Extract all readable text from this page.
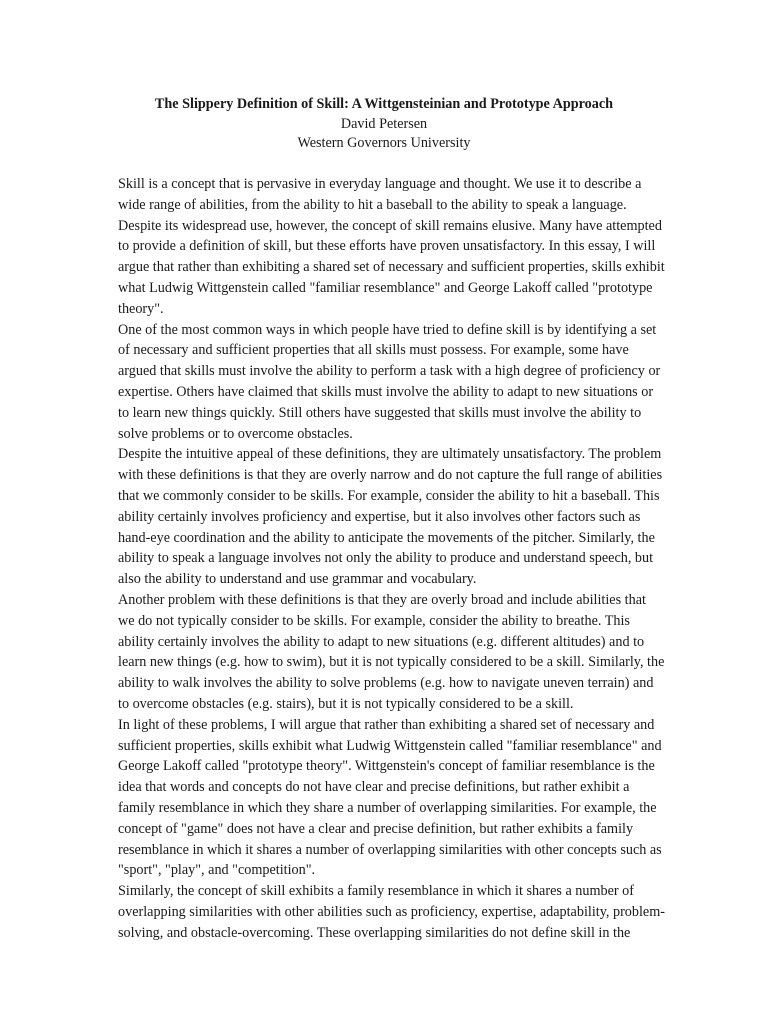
The Slippery Definition of Skill: A Wittgensteinian and Prototype Approach
David Petersen
Western Governors University

Skill is a concept that is pervasive in everyday language and thought. We use it to describe a wide range of abilities, from the ability to hit a baseball to the ability to speak a language. Despite its widespread use, however, the concept of skill remains elusive. Many have attempted to provide a definition of skill, but these efforts have proven unsatisfactory. In this essay, I will argue that rather than exhibiting a shared set of necessary and sufficient properties, skills exhibit what Ludwig Wittgenstein called "familiar resemblance" and George Lakoff called "prototype theory".

One of the most common ways in which people have tried to define skill is by identifying a set of necessary and sufficient properties that all skills must possess. For example, some have argued that skills must involve the ability to perform a task with a high degree of proficiency or expertise. Others have claimed that skills must involve the ability to adapt to new situations or to learn new things quickly. Still others have suggested that skills must involve the ability to solve problems or to overcome obstacles.

Despite the intuitive appeal of these definitions, they are ultimately unsatisfactory. The problem with these definitions is that they are overly narrow and do not capture the full range of abilities that we commonly consider to be skills. For example, consider the ability to hit a baseball. This ability certainly involves proficiency and expertise, but it also involves other factors such as hand-eye coordination and the ability to anticipate the movements of the pitcher. Similarly, the ability to speak a language involves not only the ability to produce and understand speech, but also the ability to understand and use grammar and vocabulary.

Another problem with these definitions is that they are overly broad and include abilities that we do not typically consider to be skills. For example, consider the ability to breathe. This ability certainly involves the ability to adapt to new situations (e.g. different altitudes) and to learn new things (e.g. how to swim), but it is not typically considered to be a skill. Similarly, the ability to walk involves the ability to solve problems (e.g. how to navigate uneven terrain) and to overcome obstacles (e.g. stairs), but it is not typically considered to be a skill.

In light of these problems, I will argue that rather than exhibiting a shared set of necessary and sufficient properties, skills exhibit what Ludwig Wittgenstein called "familiar resemblance" and George Lakoff called "prototype theory". Wittgenstein's concept of familiar resemblance is the idea that words and concepts do not have clear and precise definitions, but rather exhibit a family resemblance in which they share a number of overlapping similarities. For example, the concept of "game" does not have a clear and precise definition, but rather exhibits a family resemblance in which it shares a number of overlapping similarities with other concepts such as "sport", "play", and "competition".

Similarly, the concept of skill exhibits a family resemblance in which it shares a number of overlapping similarities with other abilities such as proficiency, expertise, adaptability, problem-solving, and obstacle-overcoming. These overlapping similarities do not define skill in the
